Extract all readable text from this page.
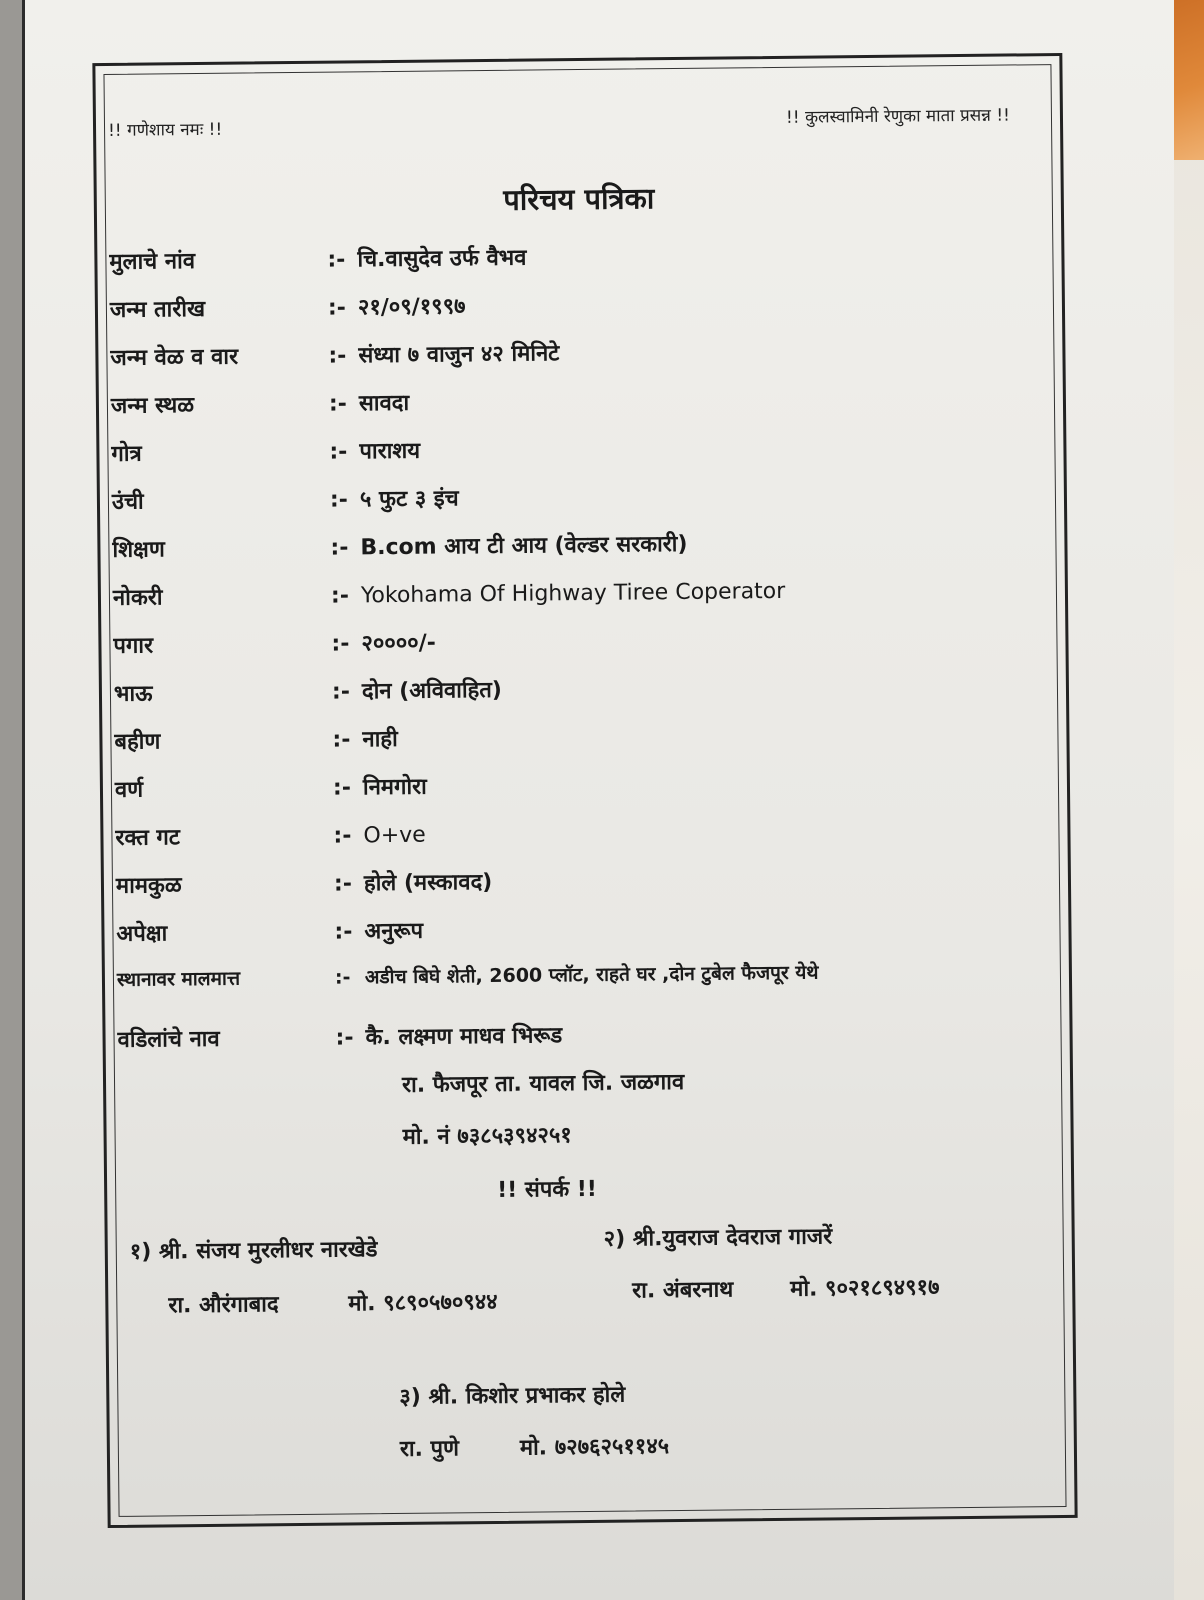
!! गणेशाय नमः !!
!! कुलस्वामिनी रेणुका माता प्रसन्न !!
परिचय पत्रिका
मुलाचे नांव	:- चि.वासुदेव उर्फ वैभव
जन्म तारीख	:- २१/०९/१९९७
जन्म वेळ व वार	:- संध्या ७ वाजुन ४२ मिनिटे
जन्म स्थळ	:- सावदा
गोत्र	:- पाराशय
उंची	:- ५ फुट ३ इंच
शिक्षण	:- B.com आय टी आय (वेल्डर सरकारी)
नोकरी	:- Yokohama Of Highway Tiree Coperator
पगार	:- २००००/-
भाऊ	:- दोन (अविवाहित)
बहीण	:- नाही
वर्ण	:- निमगोरा
रक्त गट	:- O+ve
मामकुळ	:- होले (मस्कावद)
अपेक्षा	:- अनुरूप
स्थानावर मालमात्त	:- अडीच बिघे शेती, 2600 प्लॉट, राहते घर ,दोन टुबेल फैजपूर येथे
वडिलांचे नाव	:- कै. लक्ष्मण माधव भिरूड
रा. फैजपूर ता. यावल जि. जळगाव
मो. नं ७३८५३९४२५१
!! संपर्क !!
१) श्री. संजय मुरलीधर नारखेडे
रा. औरंगाबाद	मो. ९८९०५७०९४४
२) श्री.युवराज देवराज गाजरें
रा. अंबरनाथ	मो. ९०२१८९४९१७
३) श्री. किशोर प्रभाकर होले
रा. पुणे	मो. ७२७६२५११४५
